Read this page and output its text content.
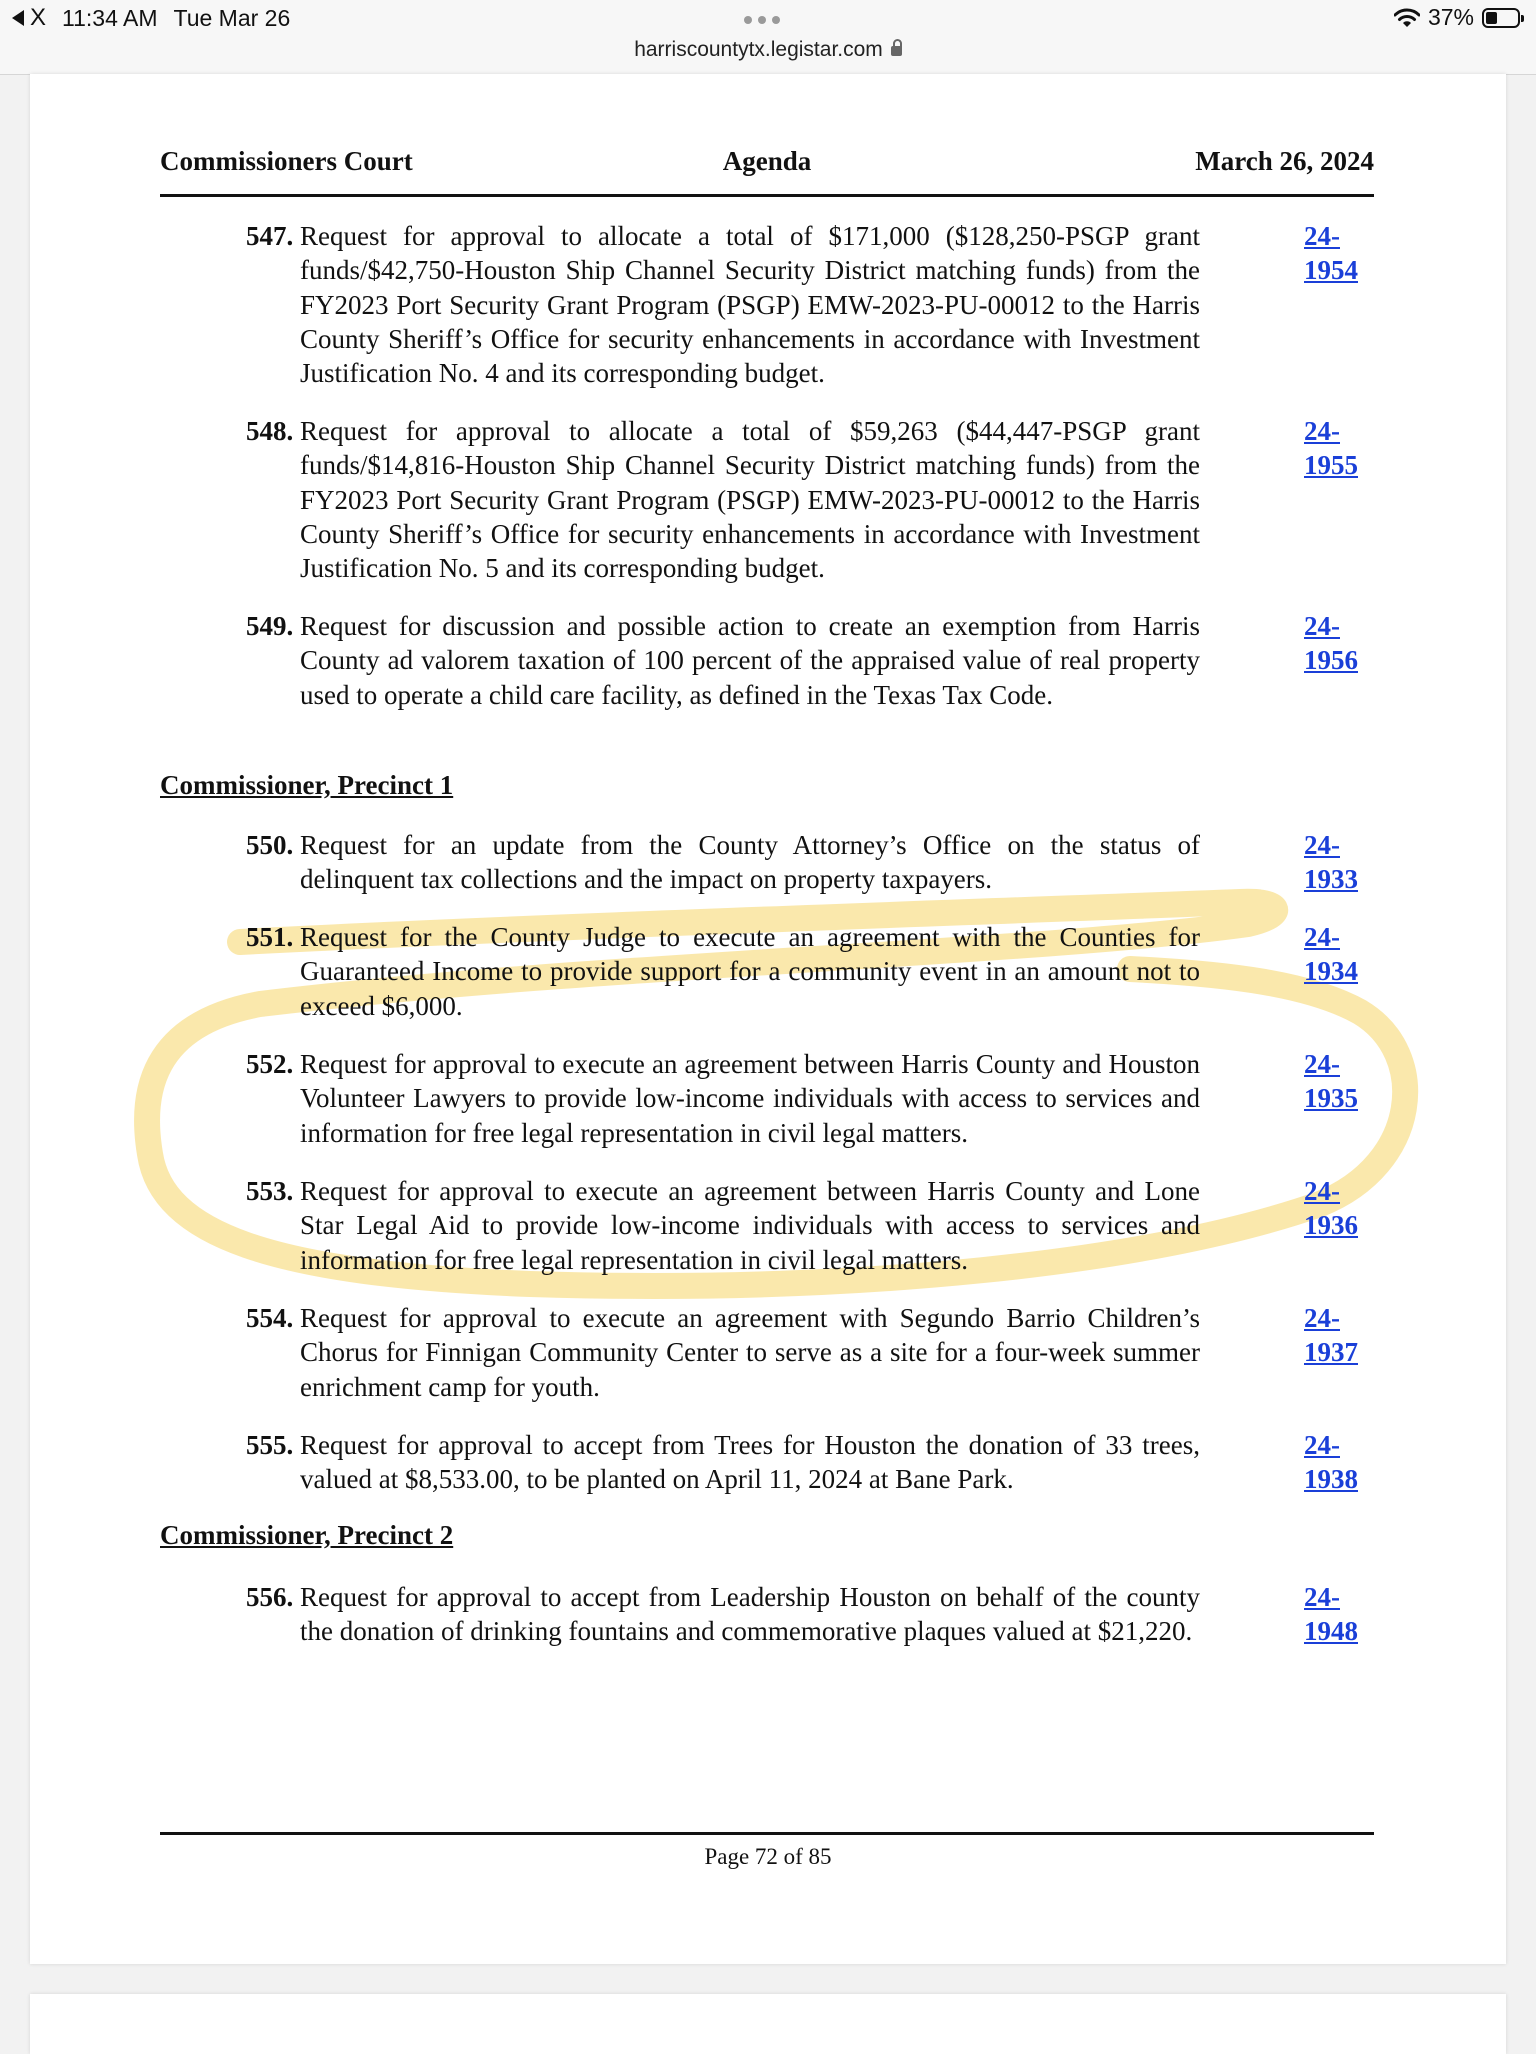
X 11:34 AM Tue Mar 26
harriscountytx.legistar.com
37%
Commissioners Court	Agenda	March 26, 2024
547. Request for approval to allocate a total of $171,000 ($128,250-PSGP grant funds/$42,750-Houston Ship Channel Security District matching funds) from the FY2023 Port Security Grant Program (PSGP) EMW-2023-PU-00012 to the Harris County Sheriff’s Office for security enhancements in accordance with Investment Justification No. 4 and its corresponding budget.
24-1954
548. Request for approval to allocate a total of $59,263 ($44,447-PSGP grant funds/$14,816-Houston Ship Channel Security District matching funds) from the FY2023 Port Security Grant Program (PSGP) EMW-2023-PU-00012 to the Harris County Sheriff’s Office for security enhancements in accordance with Investment Justification No. 5 and its corresponding budget.
24-1955
549. Request for discussion and possible action to create an exemption from Harris County ad valorem taxation of 100 percent of the appraised value of real property used to operate a child care facility, as defined in the Texas Tax Code.
24-1956
Commissioner, Precinct 1
550. Request for an update from the County Attorney’s Office on the status of delinquent tax collections and the impact on property taxpayers.
24-1933
551. Request for the County Judge to execute an agreement with the Counties for Guaranteed Income to provide support for a community event in an amount not to exceed $6,000.
24-1934
552. Request for approval to execute an agreement between Harris County and Houston Volunteer Lawyers to provide low-income individuals with access to services and information for free legal representation in civil legal matters.
24-1935
553. Request for approval to execute an agreement between Harris County and Lone Star Legal Aid to provide low-income individuals with access to services and information for free legal representation in civil legal matters.
24-1936
554. Request for approval to execute an agreement with Segundo Barrio Children’s Chorus for Finnigan Community Center to serve as a site for a four-week summer enrichment camp for youth.
24-1937
555. Request for approval to accept from Trees for Houston the donation of 33 trees, valued at $8,533.00, to be planted on April 11, 2024 at Bane Park.
24-1938
Commissioner, Precinct 2
556. Request for approval to accept from Leadership Houston on behalf of the county the donation of drinking fountains and commemorative plaques valued at $21,220.
24-1948
Page 72 of 85
